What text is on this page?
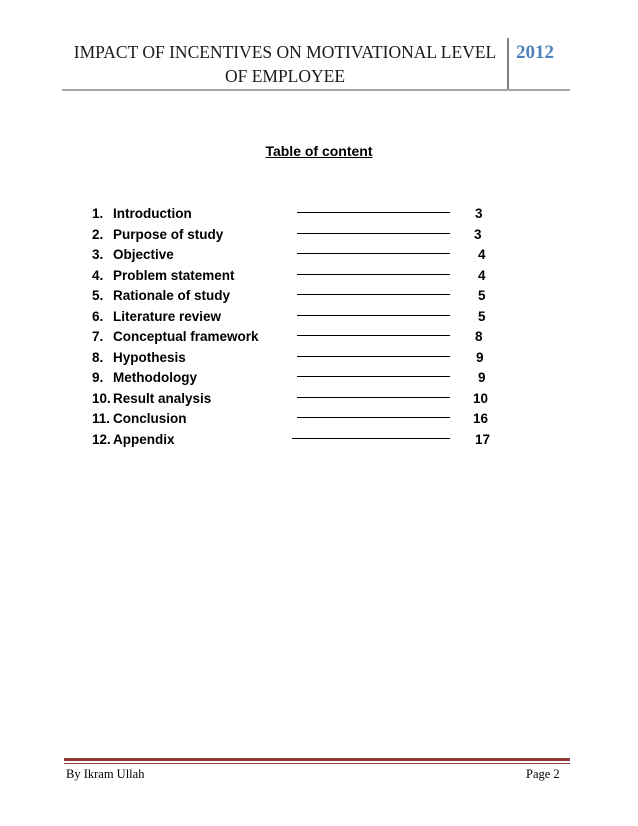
IMPACT OF INCENTIVES ON MOTIVATIONAL LEVEL
OF EMPLOYEE
2012
Table of content
1. Introduction	3
2. Purpose of study	3
3. Objective	4
4. Problem statement	4
5. Rationale of study	5
6. Literature review	5
7. Conceptual framework	8
8. Hypothesis	9
9. Methodology	9
10. Result analysis	10
11. Conclusion	16
12. Appendix	17
By Ikram Ullah	Page 2
